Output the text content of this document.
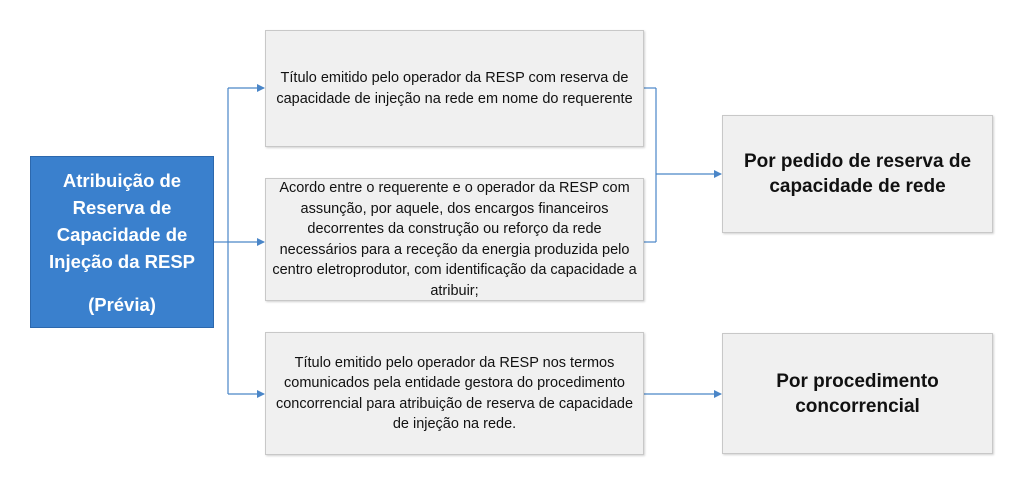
Atribuição de
Reserva de
Capacidade de
Injeção da RESP
(Prévia)
Título emitido pelo operador da RESP com reserva de capacidade de injeção na rede em nome do requerente
Acordo entre o requerente e o operador da RESP com assunção, por aquele, dos encargos financeiros decorrentes da construção ou reforço da rede necessários para a receção da energia produzida pelo centro eletroprodutor, com identificação da capacidade a atribuir;
Título emitido pelo operador da RESP nos termos comunicados pela entidade gestora do procedimento concorrencial para atribuição de reserva de capacidade de injeção na rede.
Por pedido de reserva de capacidade de rede
Por procedimento concorrencial
